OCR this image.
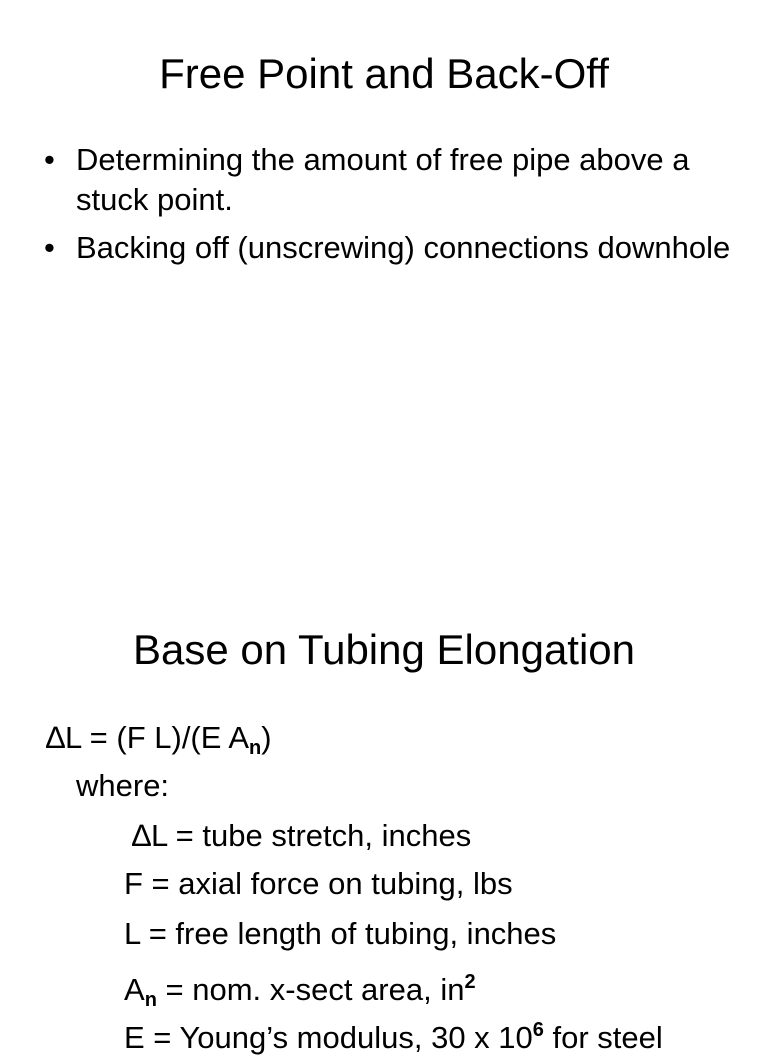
Free Point and Back-Off
• Determining the amount of free pipe above a stuck point.
• Backing off (unscrewing) connections downhole
Base on Tubing Elongation
∆L = (F L)/(E $A_n$)
where:
∆L = tube stretch, inches
F = axial force on tubing, lbs
L = free length of tubing, inches
$A_n$ = nom. x-sect area, $in^2$
E = Young’s modulus, 30 x $10^6$ for steel
